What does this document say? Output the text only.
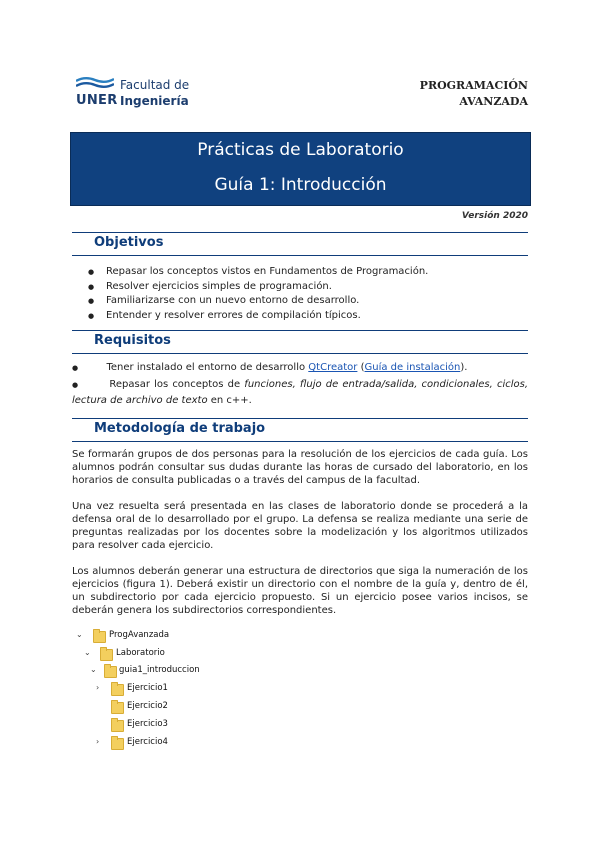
Facultad de
UNER Ingeniería
PROGRAMACIÓN
AVANZADA
Prácticas de Laboratorio
Guía 1: Introducción
Versión 2020
Objetivos
● Repasar los conceptos vistos en Fundamentos de Programación.
● Resolver ejercicios simples de programación.
● Familiarizarse con un nuevo entorno de desarrollo.
● Entender y resolver errores de compilación típicos.
Requisitos
●	Tener instalado el entorno de desarrollo QtCreator (Guía de instalación).
●	Repasar los conceptos de funciones, flujo de entrada/salida, condicionales, ciclos, lectura de archivo de texto en c++.
Metodología de trabajo

Se formarán grupos de dos personas para la resolución de los ejercicios de cada guía. Los alumnos podrán consultar sus dudas durante las horas de cursado del laboratorio, en los horarios de consulta publicadas o a través del campus de la facultad.

Una vez resuelta será presentada en las clases de laboratorio donde se procederá a la defensa oral de lo desarrollado por el grupo. La defensa se realiza mediante una serie de preguntas realizadas por los docentes sobre la modelización y los algoritmos utilizados para resolver cada ejercicio.

Los alumnos deberán generar una estructura de directorios que siga la numeración de los ejercicios (figura 1). Deberá existir un directorio con el nombre de la guía y, dentro de él, un subdirectorio por cada ejercicio propuesto. Si un ejercicio posee varios incisos, se deberán genera los subdirectorios correspondientes.

⌄	ProgAvanzada
⌄	Laboratorio
⌄	guia1_introduccion
›	Ejercicio1
Ejercicio2
Ejercicio3
›	Ejercicio4
